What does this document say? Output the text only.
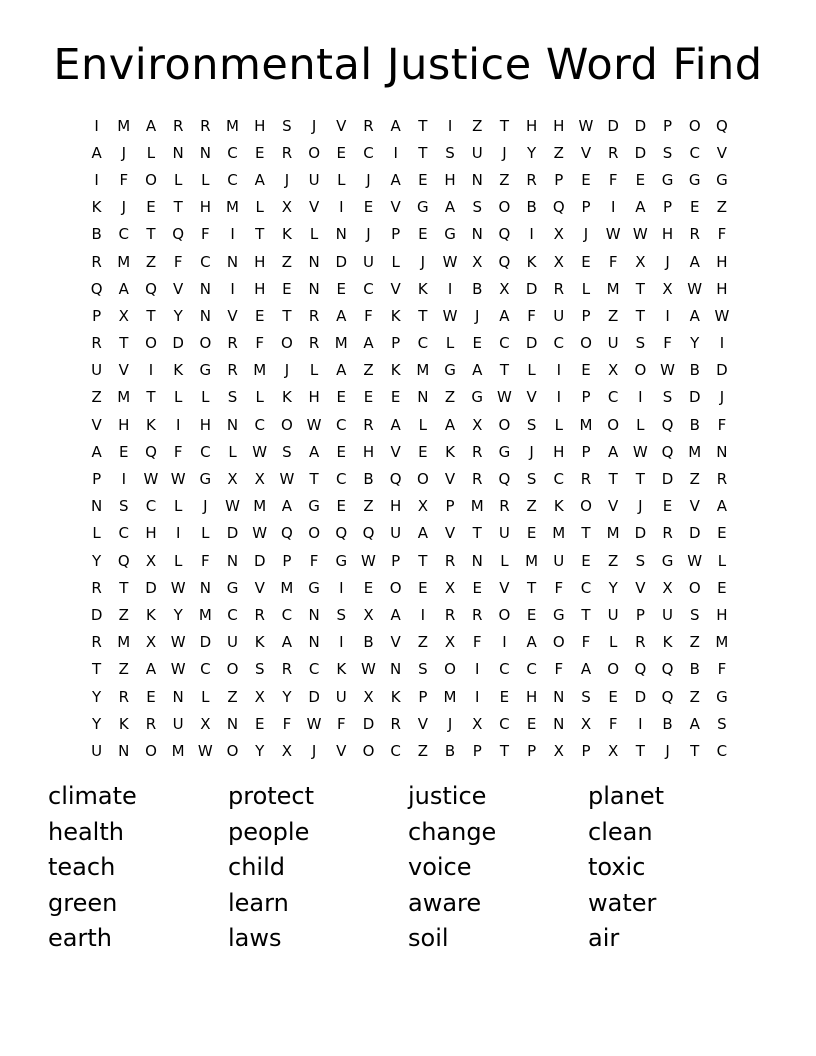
Environmental Justice Word Find
I	M	A	R	R	M	H	S	J	V	R	A	T	I	Z	T	H	H W D	D	P	O	Q
A	J	L	N	N	C	E	R	O	E	C	I	T	S	U	J	Y	Z	V	R	D	S	C	V
I	F	O	L	L	C	A	J	U	L	J	A	E	H	N	Z	R	P	E	F	E	G	G	G
K	J	E	T	H	M	L	X	V	I	E	V	G	A	S	O	B	Q	P	I	A	P	E	Z
B	C	T	Q	F	I	T	K	L	N	J	P	E	G	N	Q	I	X	J	W W H	R	F
R	M	Z	F	C	N	H	Z	N	D	U	L	J	W X	Q	K	X	E	F	X	J	A	H
Q	A	Q	V	N	I	H	E	N	E	C	V	K	I	B	X	D	R	L	M	T	X W H
P	X	T	Y	N	V	E	T	R	A	F	K	T	W	J	A	F	U	P	Z	T	I	A W
R	T	O	D	O	R	F	O	R	M	A	P	C	L	E	C	D	C	O	U	S	F	Y	I
U	V	I	K	G	R	M	J	L	A	Z	K	M G	A	T	L	I	E	X	O W B	D
Z	M	T	L	L	S	L	K	H	E	E	E	N	Z	G W V	I	P	C	I	S	D	J
V	H	K	I	H	N	C	O W C	R	A	L	A	X	O	S	L	M O	L	Q	B	F
A	E	Q	F	C	L	W	S	A	E	H	V	E	K	R	G	J	H	P	A W Q M	N
P	I	W W G	X	X W	T	C	B	Q	O	V	R	Q	S	C	R	T	T	D	Z	R
N	S	C	L	J	W M	A	G	E	Z	H	X	P	M	R	Z	K	O	V	J	E	V	A
L	C	H	I	L	D W Q	O	Q	Q	U	A	V	T	U	E	M	T	M D	R	D	E
Y	Q	X	L	F	N	D	P	F	G W	P	T	R	N	L	M	U	E	Z	S	G W	L
R	T	D W N	G	V	M G	I	E	O	E	X	E	V	T	F	C	Y	V	X	O	E
D	Z	K	Y	M	C	R	C	N	S	X	A	I	R	R	O	E	G	T	U	P	U	S	H
R	M	X W D	U	K	A	N	I	B	V	Z	X	F	I	A	O	F	L	R	K	Z	M
T	Z	A W C	O	S	R	C	K W N	S	O	I	C	C	F	A	O	Q	Q	B	F
Y	R	E	N	L	Z	X	Y	D	U	X	K	P	M	I	E	H	N	S	E	D	Q	Z	G
Y	K	R	U	X	N	E	F	W	F	D	R	V	J	X	C	E	N	X	F	I	B	A	S
U	N	O M W O	Y	X	J	V	O	C	Z	B	P	T	P	X	P	X	T	J	T	C
climate	protect	justice	planet
health	people	change	clean
teach	child	voice	toxic
green	learn	aware	water
earth	laws	soil	air
